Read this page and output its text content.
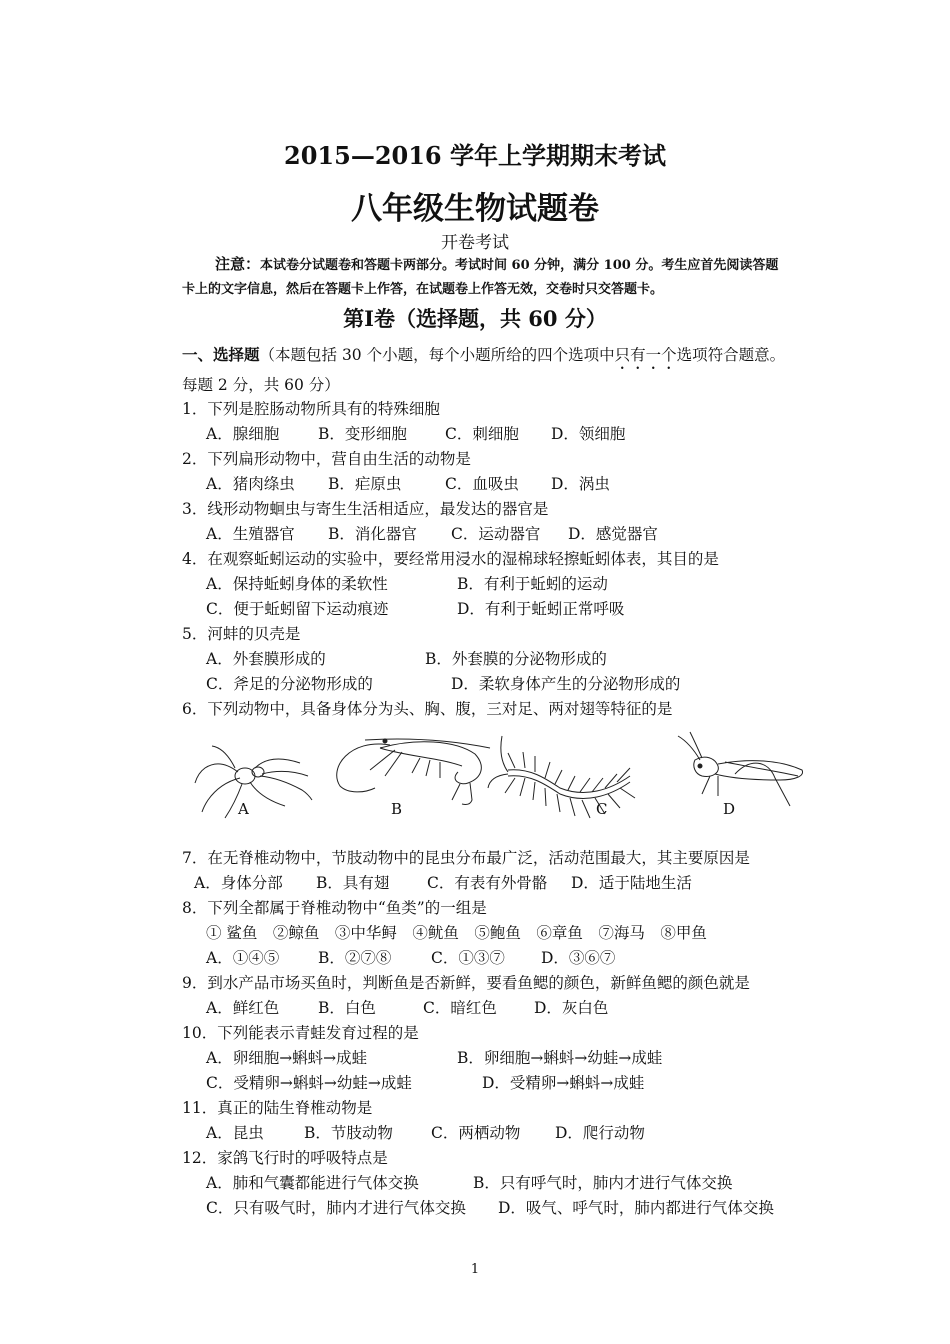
2015—2016 学年上学期期末考试
八年级生物试题卷
开卷考试
注意：本试卷分试题卷和答题卡两部分。考试时间 60 分钟，满分 100 分。考生应首先阅读答题
卡上的文字信息，然后在答题卡上作答，在试题卷上作答无效，交卷时只交答题卡。
第Ⅰ卷（选择题，共 60 分）
一、选择题（本题包括 30 个小题，每个小题所给的四个选项中只有一个选项符合题意。
每题 2 分，共 60 分）
1．下列是腔肠动物所具有的特殊细胞
A．腺细胞	B．变形细胞 C．刺细胞 D．领细胞
2．下列扁形动物中，营自由生活的动物是
A．猪肉绦虫 B．疟原虫	C．血吸虫 D．涡虫
3．线形动物蛔虫与寄生生活相适应，最发达的器官是
A．生殖器官 B．消化器官 C．运动器官 D．感觉器官
4．在观察蚯蚓运动的实验中，要经常用浸水的湿棉球轻擦蚯蚓体表，其目的是
A．保持蚯蚓身体的柔软性	B．有利于蚯蚓的运动
C．便于蚯蚓留下运动痕迹	D．有利于蚯蚓正常呼吸
5．河蚌的贝壳是
A．外套膜形成的	B．外套膜的分泌物形成的
C．斧足的分泌物形成的	D．柔软身体产生的分泌物形成的
6．下列动物中，具备身体分为头、胸、腹，三对足、两对翅等特征的是
A	B	C	D
7．在无脊椎动物中，节肢动物中的昆虫分布最广泛，活动范围最大，其主要原因是
A．身体分部 B．具有翅 C．有表有外骨骼 D．适于陆地生活
8．下列全都属于脊椎动物中“鱼类”的一组是
① 鲨鱼　②鲸鱼　③中华鲟　④鱿鱼　⑤鲍鱼　⑥章鱼　⑦海马　⑧甲鱼
A．①④⑤	B．②⑦⑧	C．①③⑦ D．③⑥⑦
9．到水产品市场买鱼时，判断鱼是否新鲜，要看鱼鳃的颜色，新鲜鱼鳃的颜色就是
A．鲜红色	B．白色	C．暗红色 D．灰白色
10．下列能表示青蛙发育过程的是
A．卵细胞→蝌蚪→成蛙	B．卵细胞→蝌蚪→幼蛙→成蛙
C．受精卵→蝌蚪→幼蛙→成蛙	D．受精卵→蝌蚪→成蛙
11．真正的陆生脊椎动物是
A．昆虫	B．节肢动物 C．两栖动物 D．爬行动物
12．家鸽飞行时的呼吸特点是
A．肺和气囊都能进行气体交换	B．只有呼气时，肺内才进行气体交换
C．只有吸气时，肺内才进行气体交换 D．吸气、呼气时，肺内都进行气体交换
1
